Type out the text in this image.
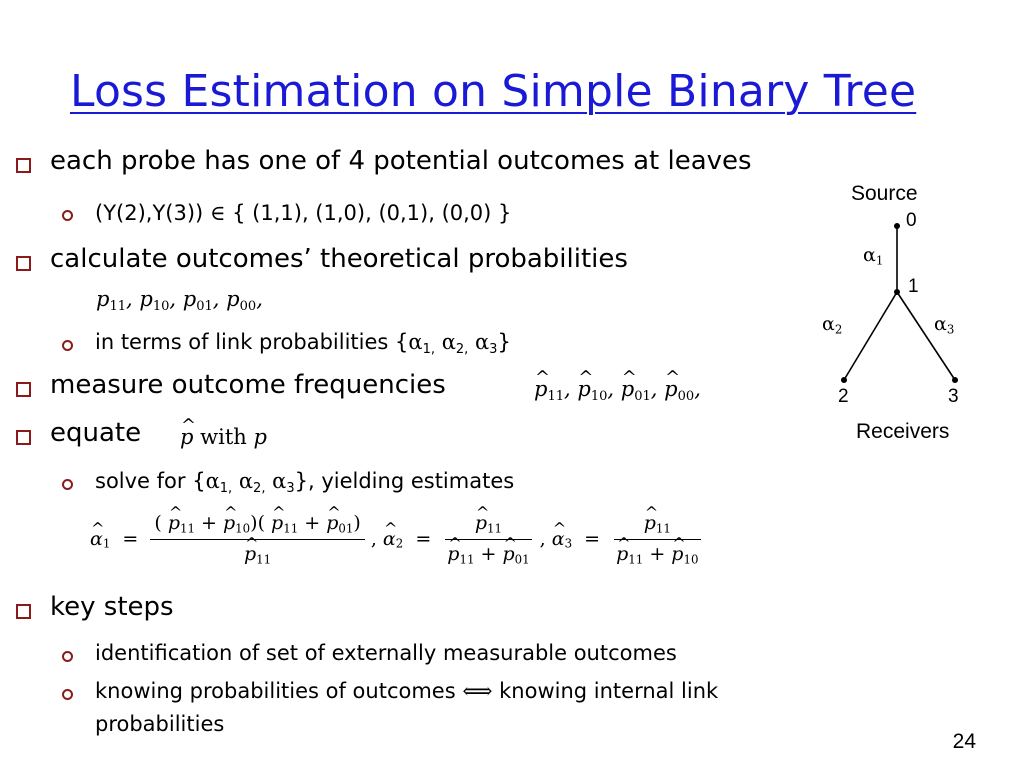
Loss Estimation on Simple Binary Tree
each probe has one of 4 potential outcomes at leaves
(Y(2),Y(3)) ∈ { (1,1), (1,0), (0,1), (0,0) }
calculate outcomes’ theoretical probabilities
$p_{11}$, $p_{10}$, $p_{01}$, $p_{00}$,
in terms of link probabilities {$\alpha_{1,}$ $\alpha_{2,}$ $\alpha_3$}
measure outcome frequencies	^ $p_{11}$, ^ $p_{10}$, ^ $p_{01}$, ^ $p_{00}$,
equate ^ p with p
solve for {$\alpha_{1,}$ $\alpha_{2,}$ $\alpha_3$}, yielding estimates
^ $\alpha_1$ = ( ^ $p_{11}$ + ^ $p_{10}$)( ^ $p_{11}$ + ^ $p_{01}$)
^ $p_{11}$ , ^ $\alpha_2$ = ^ $p_{11}$
^ $p_{11}$ + ^ $p_{01}$ , ^ $\alpha_3$ = ^ $p_{11}$
^ $p_{11}$ + ^ $p_{10}$
key steps
identification of set of externally measurable outcomes
knowing probabilities of outcomes ⟺ knowing internal link
probabilities
Source
0
1
2	3
Receivers
$\alpha_1$
$\alpha_2$	$\alpha_3$
24
